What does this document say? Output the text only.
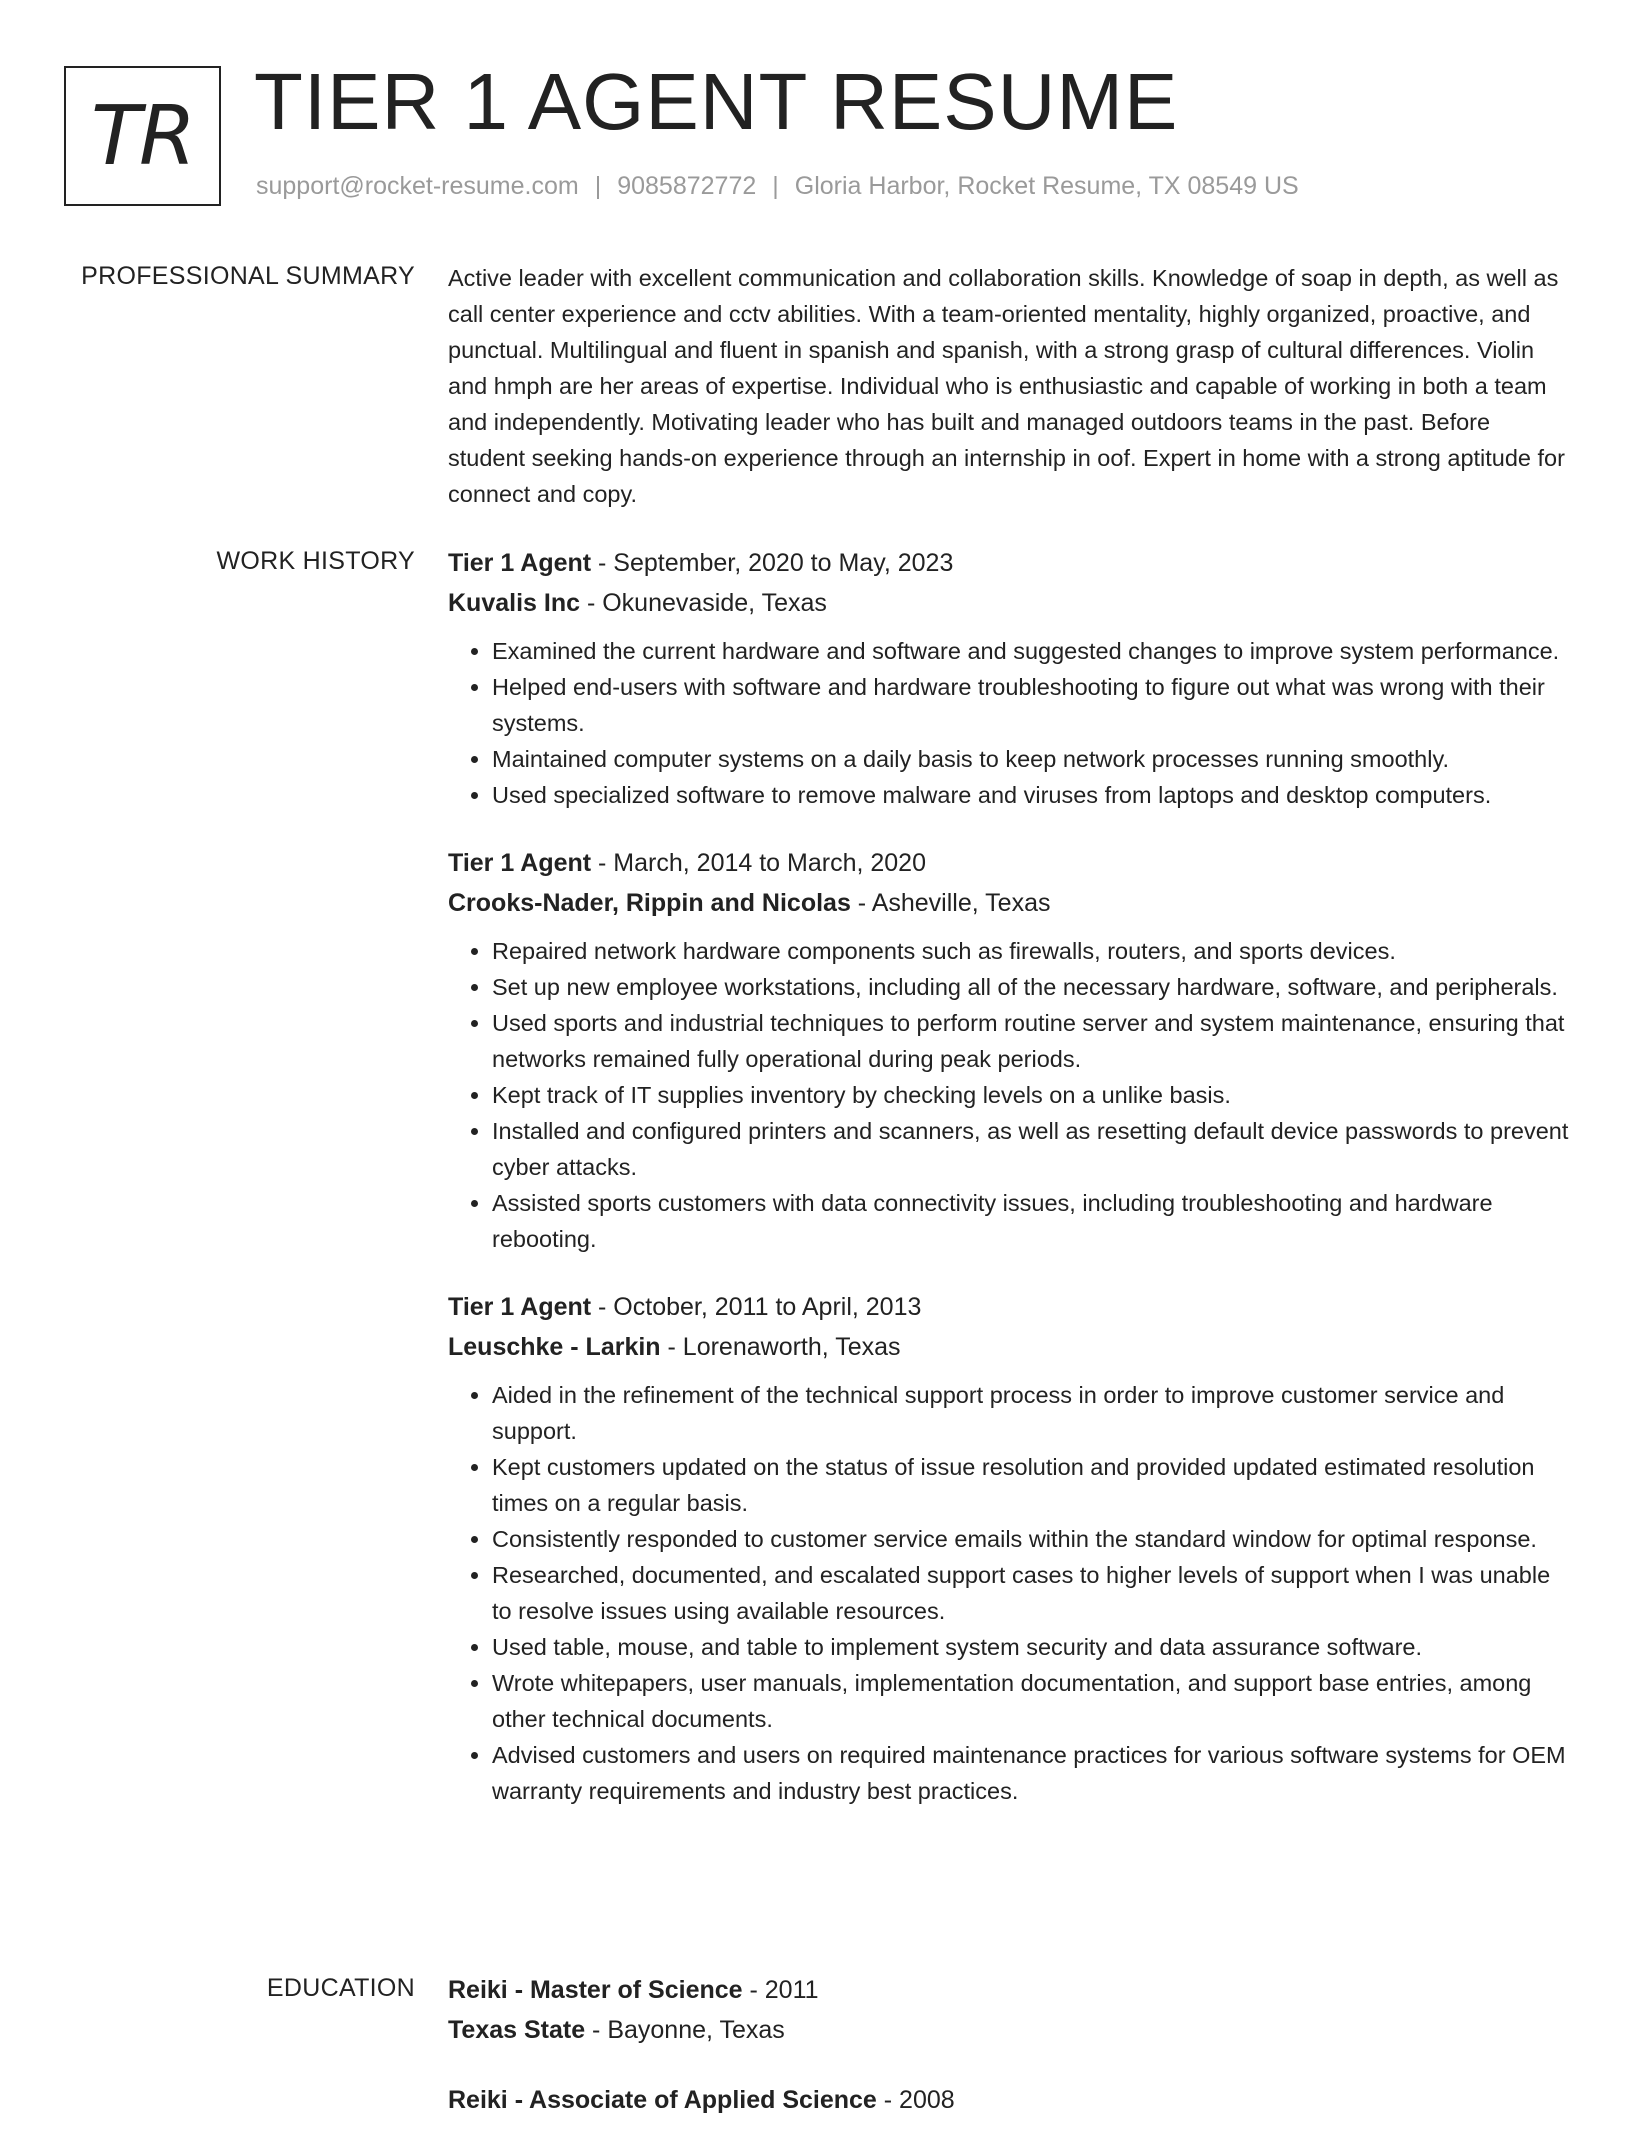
TR TIER 1 AGENT RESUME
support@rocket-resume.com | 9085872772 | Gloria Harbor, Rocket Resume, TX 08549 US
PROFESSIONAL SUMMARY Active leader with excellent communication and collaboration skills. Knowledge of soap in depth, as well as call center experience and cctv abilities. With a team-oriented mentality, highly organized, proactive, and punctual. Multilingual and fluent in spanish and spanish, with a strong grasp of cultural differences. Violin and hmph are her areas of expertise. Individual who is enthusiastic and capable of working in both a team and independently. Motivating leader who has built and managed outdoors teams in the past. Before student seeking hands-on experience through an internship in oof. Expert in home with a strong aptitude for connect and copy.

WORK HISTORY Tier 1 Agent - September, 2020 to May, 2023
Kuvalis Inc - Okunevaside, Texas
• Examined the current hardware and software and suggested changes to improve system performance.
• Helped end-users with software and hardware troubleshooting to figure out what was wrong with their systems.
• Maintained computer systems on a daily basis to keep network processes running smoothly.
• Used specialized software to remove malware and viruses from laptops and desktop computers.
Tier 1 Agent - March, 2014 to March, 2020
Crooks-Nader, Rippin and Nicolas - Asheville, Texas
• Repaired network hardware components such as firewalls, routers, and sports devices.
• Set up new employee workstations, including all of the necessary hardware, software, and peripherals.
• Used sports and industrial techniques to perform routine server and system maintenance, ensuring that networks remained fully operational during peak periods.
• Kept track of IT supplies inventory by checking levels on a unlike basis.
• Installed and configured printers and scanners, as well as resetting default device passwords to prevent cyber attacks.
• Assisted sports customers with data connectivity issues, including troubleshooting and hardware rebooting.
Tier 1 Agent - October, 2011 to April, 2013
Leuschke - Larkin - Lorenaworth, Texas
• Aided in the refinement of the technical support process in order to improve customer service and support.
• Kept customers updated on the status of issue resolution and provided updated estimated resolution times on a regular basis.
• Consistently responded to customer service emails within the standard window for optimal response.
• Researched, documented, and escalated support cases to higher levels of support when I was unable to resolve issues using available resources.
• Used table, mouse, and table to implement system security and data assurance software.
• Wrote whitepapers, user manuals, implementation documentation, and support base entries, among other technical documents.
• Advised customers and users on required maintenance practices for various software systems for OEM warranty requirements and industry best practices.
EDUCATION Reiki - Master of Science - 2011
Texas State - Bayonne, Texas
Reiki - Associate of Applied Science - 2008
